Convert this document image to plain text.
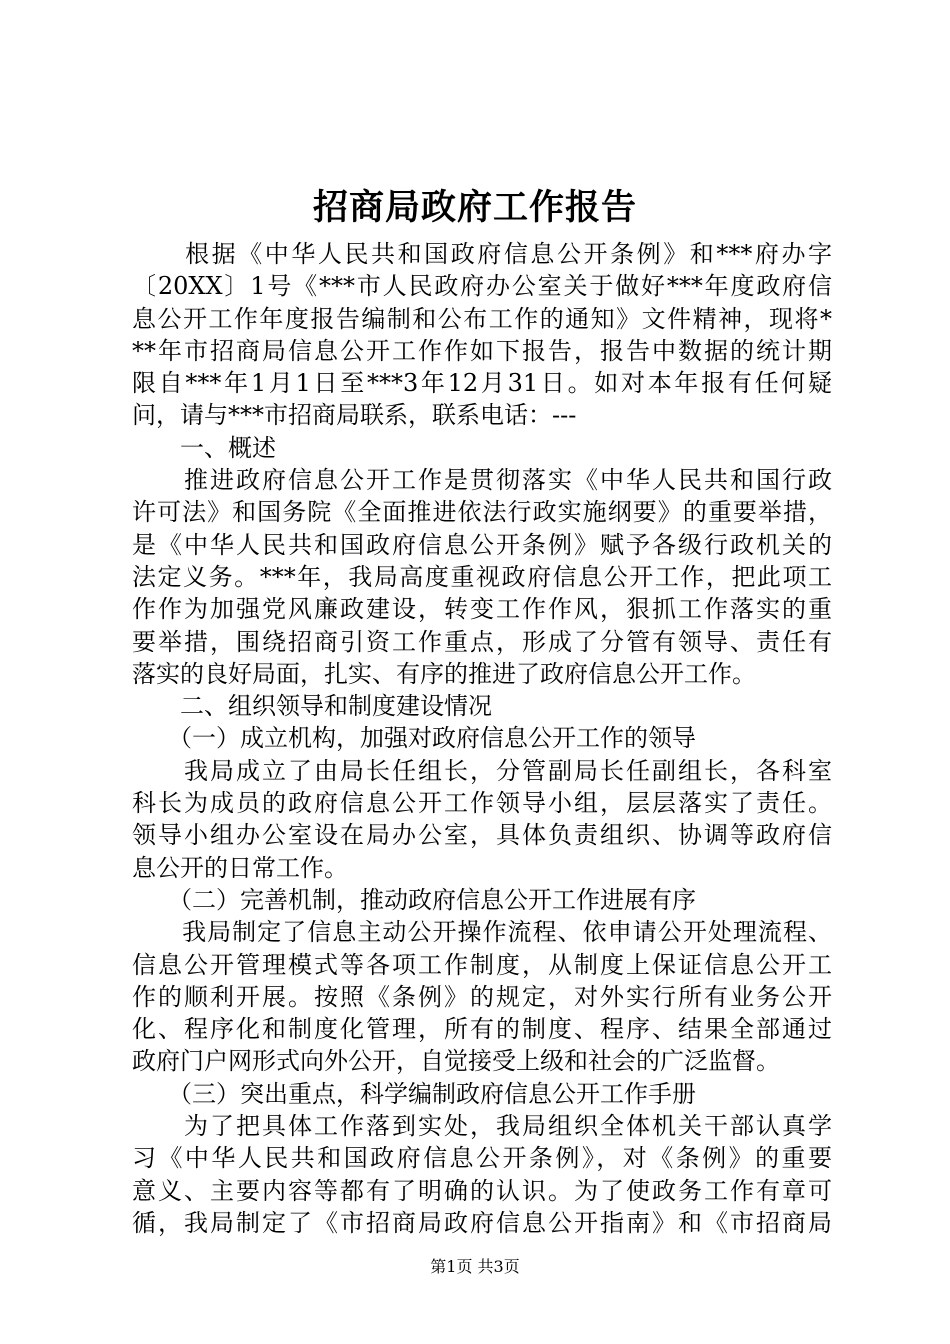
招商局政府工作报告
　　根据《中华人民共和国政府信息公开条例》和***府办字
〔20XX〕1号《***市人民政府办公室关于做好***年度政府信
息公开工作年度报告编制和公布工作的通知》文件精神，现将*
**年市招商局信息公开工作作如下报告，报告中数据的统计期
限自***年1月1日至***3年12月31日。如对本年报有任何疑
问，请与***市招商局联系，联系电话：---
　　一、概述
　　推进政府信息公开工作是贯彻落实《中华人民共和国行政
许可法》和国务院《全面推进依法行政实施纲要》的重要举措，
是《中华人民共和国政府信息公开条例》赋予各级行政机关的
法定义务。***年，我局高度重视政府信息公开工作，把此项工
作作为加强党风廉政建设，转变工作作风，狠抓工作落实的重
要举措，围绕招商引资工作重点，形成了分管有领导、责任有
落实的良好局面，扎实、有序的推进了政府信息公开工作。
　　二、组织领导和制度建设情况
　　（一）成立机构，加强对政府信息公开工作的领导
　　我局成立了由局长任组长，分管副局长任副组长，各科室
科长为成员的政府信息公开工作领导小组，层层落实了责任。
领导小组办公室设在局办公室，具体负责组织、协调等政府信
息公开的日常工作。
　　（二）完善机制，推动政府信息公开工作进展有序
　　我局制定了信息主动公开操作流程、依申请公开处理流程、
信息公开管理模式等各项工作制度，从制度上保证信息公开工
作的顺利开展。按照《条例》的规定，对外实行所有业务公开
化、程序化和制度化管理，所有的制度、程序、结果全部通过
政府门户网形式向外公开，自觉接受上级和社会的广泛监督。
　　（三）突出重点，科学编制政府信息公开工作手册
　　为了把具体工作落到实处，我局组织全体机关干部认真学
习《中华人民共和国政府信息公开条例》，对《条例》的重要
意义、主要内容等都有了明确的认识。为了使政务工作有章可
循，我局制定了《市招商局政府信息公开指南》和《市招商局
第1页 共3页
